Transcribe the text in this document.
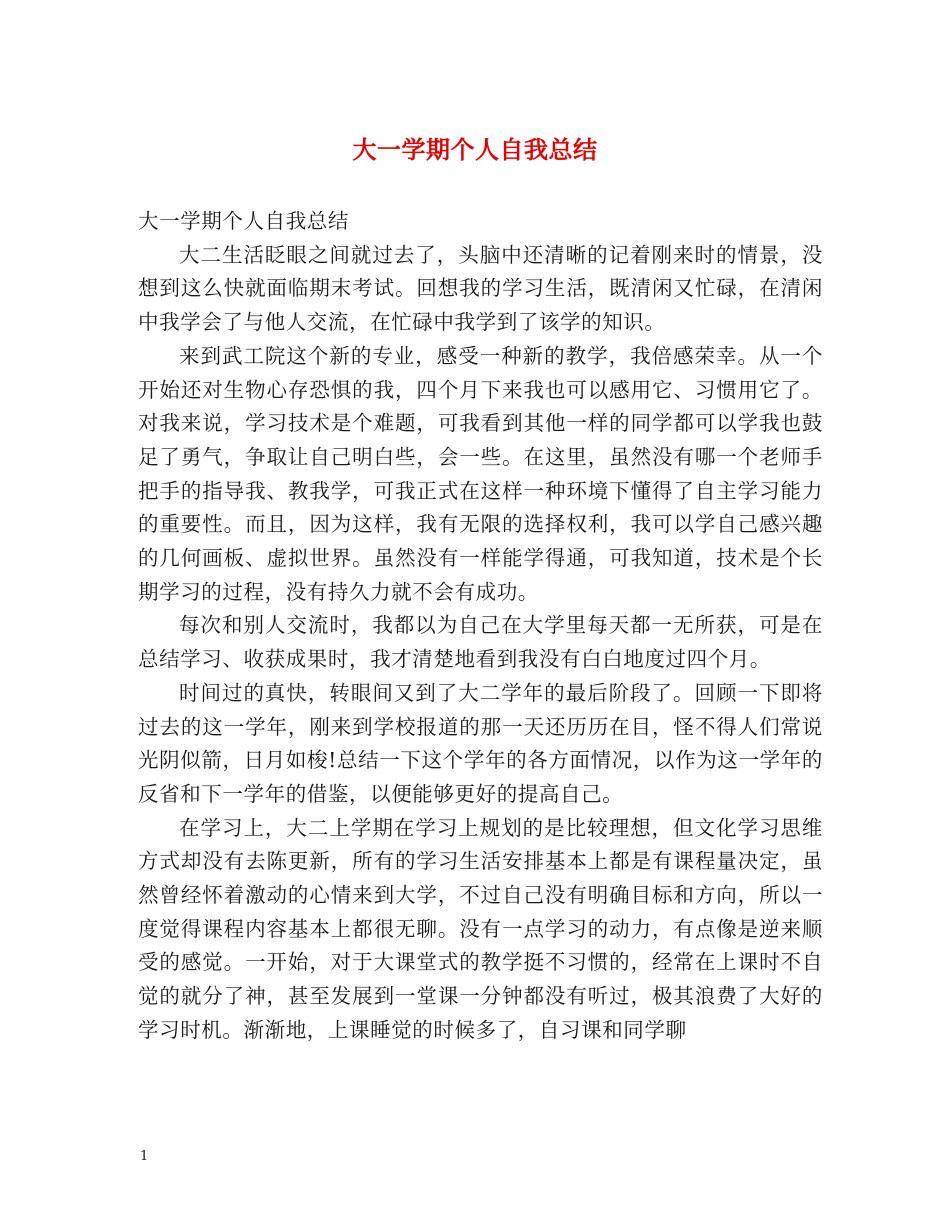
大一学期个人自我总结

大一学期个人自我总结

大二生活眨眼之间就过去了，头脑中还清晰的记着刚来时的情景，没想到这么快就面临期末考试。回想我的学习生活，既清闲又忙碌，在清闲中我学会了与他人交流，在忙碌中我学到了该学的知识。

来到武工院这个新的专业，感受一种新的教学，我倍感荣幸。从一个开始还对生物心存恐惧的我，四个月下来我也可以感用它、习惯用它了。对我来说，学习技术是个难题，可我看到其他一样的同学都可以学我也鼓足了勇气，争取让自己明白些，会一些。在这里，虽然没有哪一个老师手把手的指导我、教我学，可我正式在这样一种环境下懂得了自主学习能力的重要性。而且，因为这样，我有无限的选择权利，我可以学自己感兴趣的几何画板、虚拟世界。虽然没有一样能学得通，可我知道，技术是个长期学习的过程，没有持久力就不会有成功。

每次和别人交流时，我都以为自己在大学里每天都一无所获，可是在总结学习、收获成果时，我才清楚地看到我没有白白地度过四个月。

时间过的真快，转眼间又到了大二学年的最后阶段了。回顾一下即将过去的这一学年，刚来到学校报道的那一天还历历在目，怪不得人们常说光阴似箭，日月如梭!总结一下这个学年的各方面情况，以作为这一学年的反省和下一学年的借鉴，以便能够更好的提高自己。

在学习上，大二上学期在学习上规划的是比较理想，但文化学习思维方式却没有去陈更新，所有的学习生活安排基本上都是有课程量决定，虽然曾经怀着激动的心情来到大学，不过自己没有明确目标和方向，所以一度觉得课程内容基本上都很无聊。没有一点学习的动力，有点像是逆来顺受的感觉。一开始，对于大课堂式的教学挺不习惯的，经常在上课时不自觉的就分了神，甚至发展到一堂课一分钟都没有听过，极其浪费了大好的学习时机。渐渐地，上课睡觉的时候多了，自习课和同学聊

1
